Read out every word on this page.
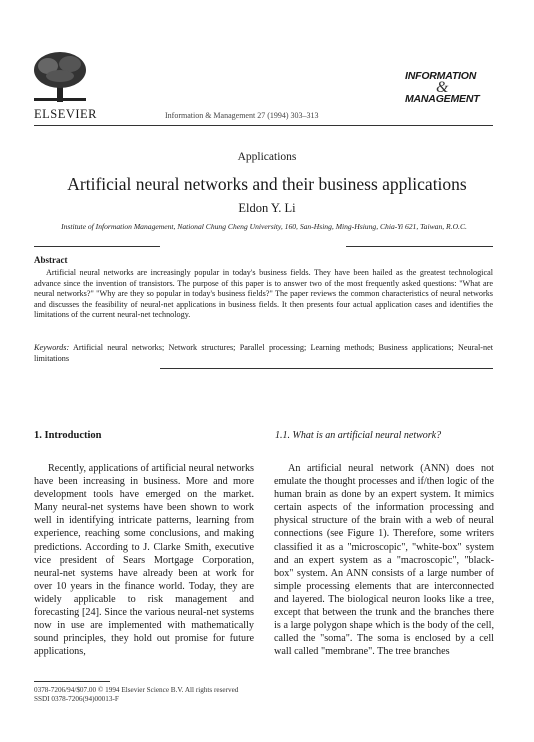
ELSEVIER	Information & Management 27 (1994) 303–313
INFORMATION
&
MANAGEMENT
Applications
Artificial neural networks and their business applications
Eldon Y. Li
Institute of Information Management, National Chung Cheng University, 160, San-Hsing, Ming-Hsiung, Chia-Yi 621, Taiwan, R.O.C.
Abstract
Artificial neural networks are increasingly popular in today's business fields. They have been hailed as the greatest technological advance since the invention of transistors. The purpose of this paper is to answer two of the most frequently asked questions: "What are neural networks?" "Why are they so popular in today's business fields?" The paper reviews the common characteristics of neural networks and discusses the feasibility of neural-net applications in business fields. It then presents four actual application cases and identifies the limitations of the current neural-net technology.
Keywords: Artificial neural networks; Network structures; Parallel processing; Learning methods; Business applications; Neural-net limitations
1. Introduction	1.1. What is an artificial neural network?
Recently, applications of artificial neural networks have been increasing in business. More and more development tools have emerged on the market. Many neural-net systems have been shown to work well in identifying intricate patterns, learning from experience, reaching some conclusions, and making predictions. According to J. Clarke Smith, executive vice president of Sears Mortgage Corporation, neural-net systems have already been at work for over 10 years in the finance world. Today, they are widely applicable to risk management and forecasting [24]. Since the various neural-net systems now in use are implemented with mathematically sound principles, they hold out promise for future applications,
An artificial neural network (ANN) does not emulate the thought processes and if/then logic of the human brain as done by an expert system. It mimics certain aspects of the information processing and physical structure of the brain with a web of neural connections (see Figure 1). Therefore, some writers classified it as a "microscopic", "white-box" system and an expert system as a "macroscopic", "black-box" system. An ANN consists of a large number of simple processing elements that are interconnected and layered. The biological neuron looks like a tree, except that between the trunk and the branches there is a large polygon shape which is the body of the cell, called the "soma". The soma is enclosed by a cell wall called "membrane". The tree branches
0378-7206/94/$07.00 © 1994 Elsevier Science B.V. All rights reserved
SSDI 0378-7206(94)00013-F
